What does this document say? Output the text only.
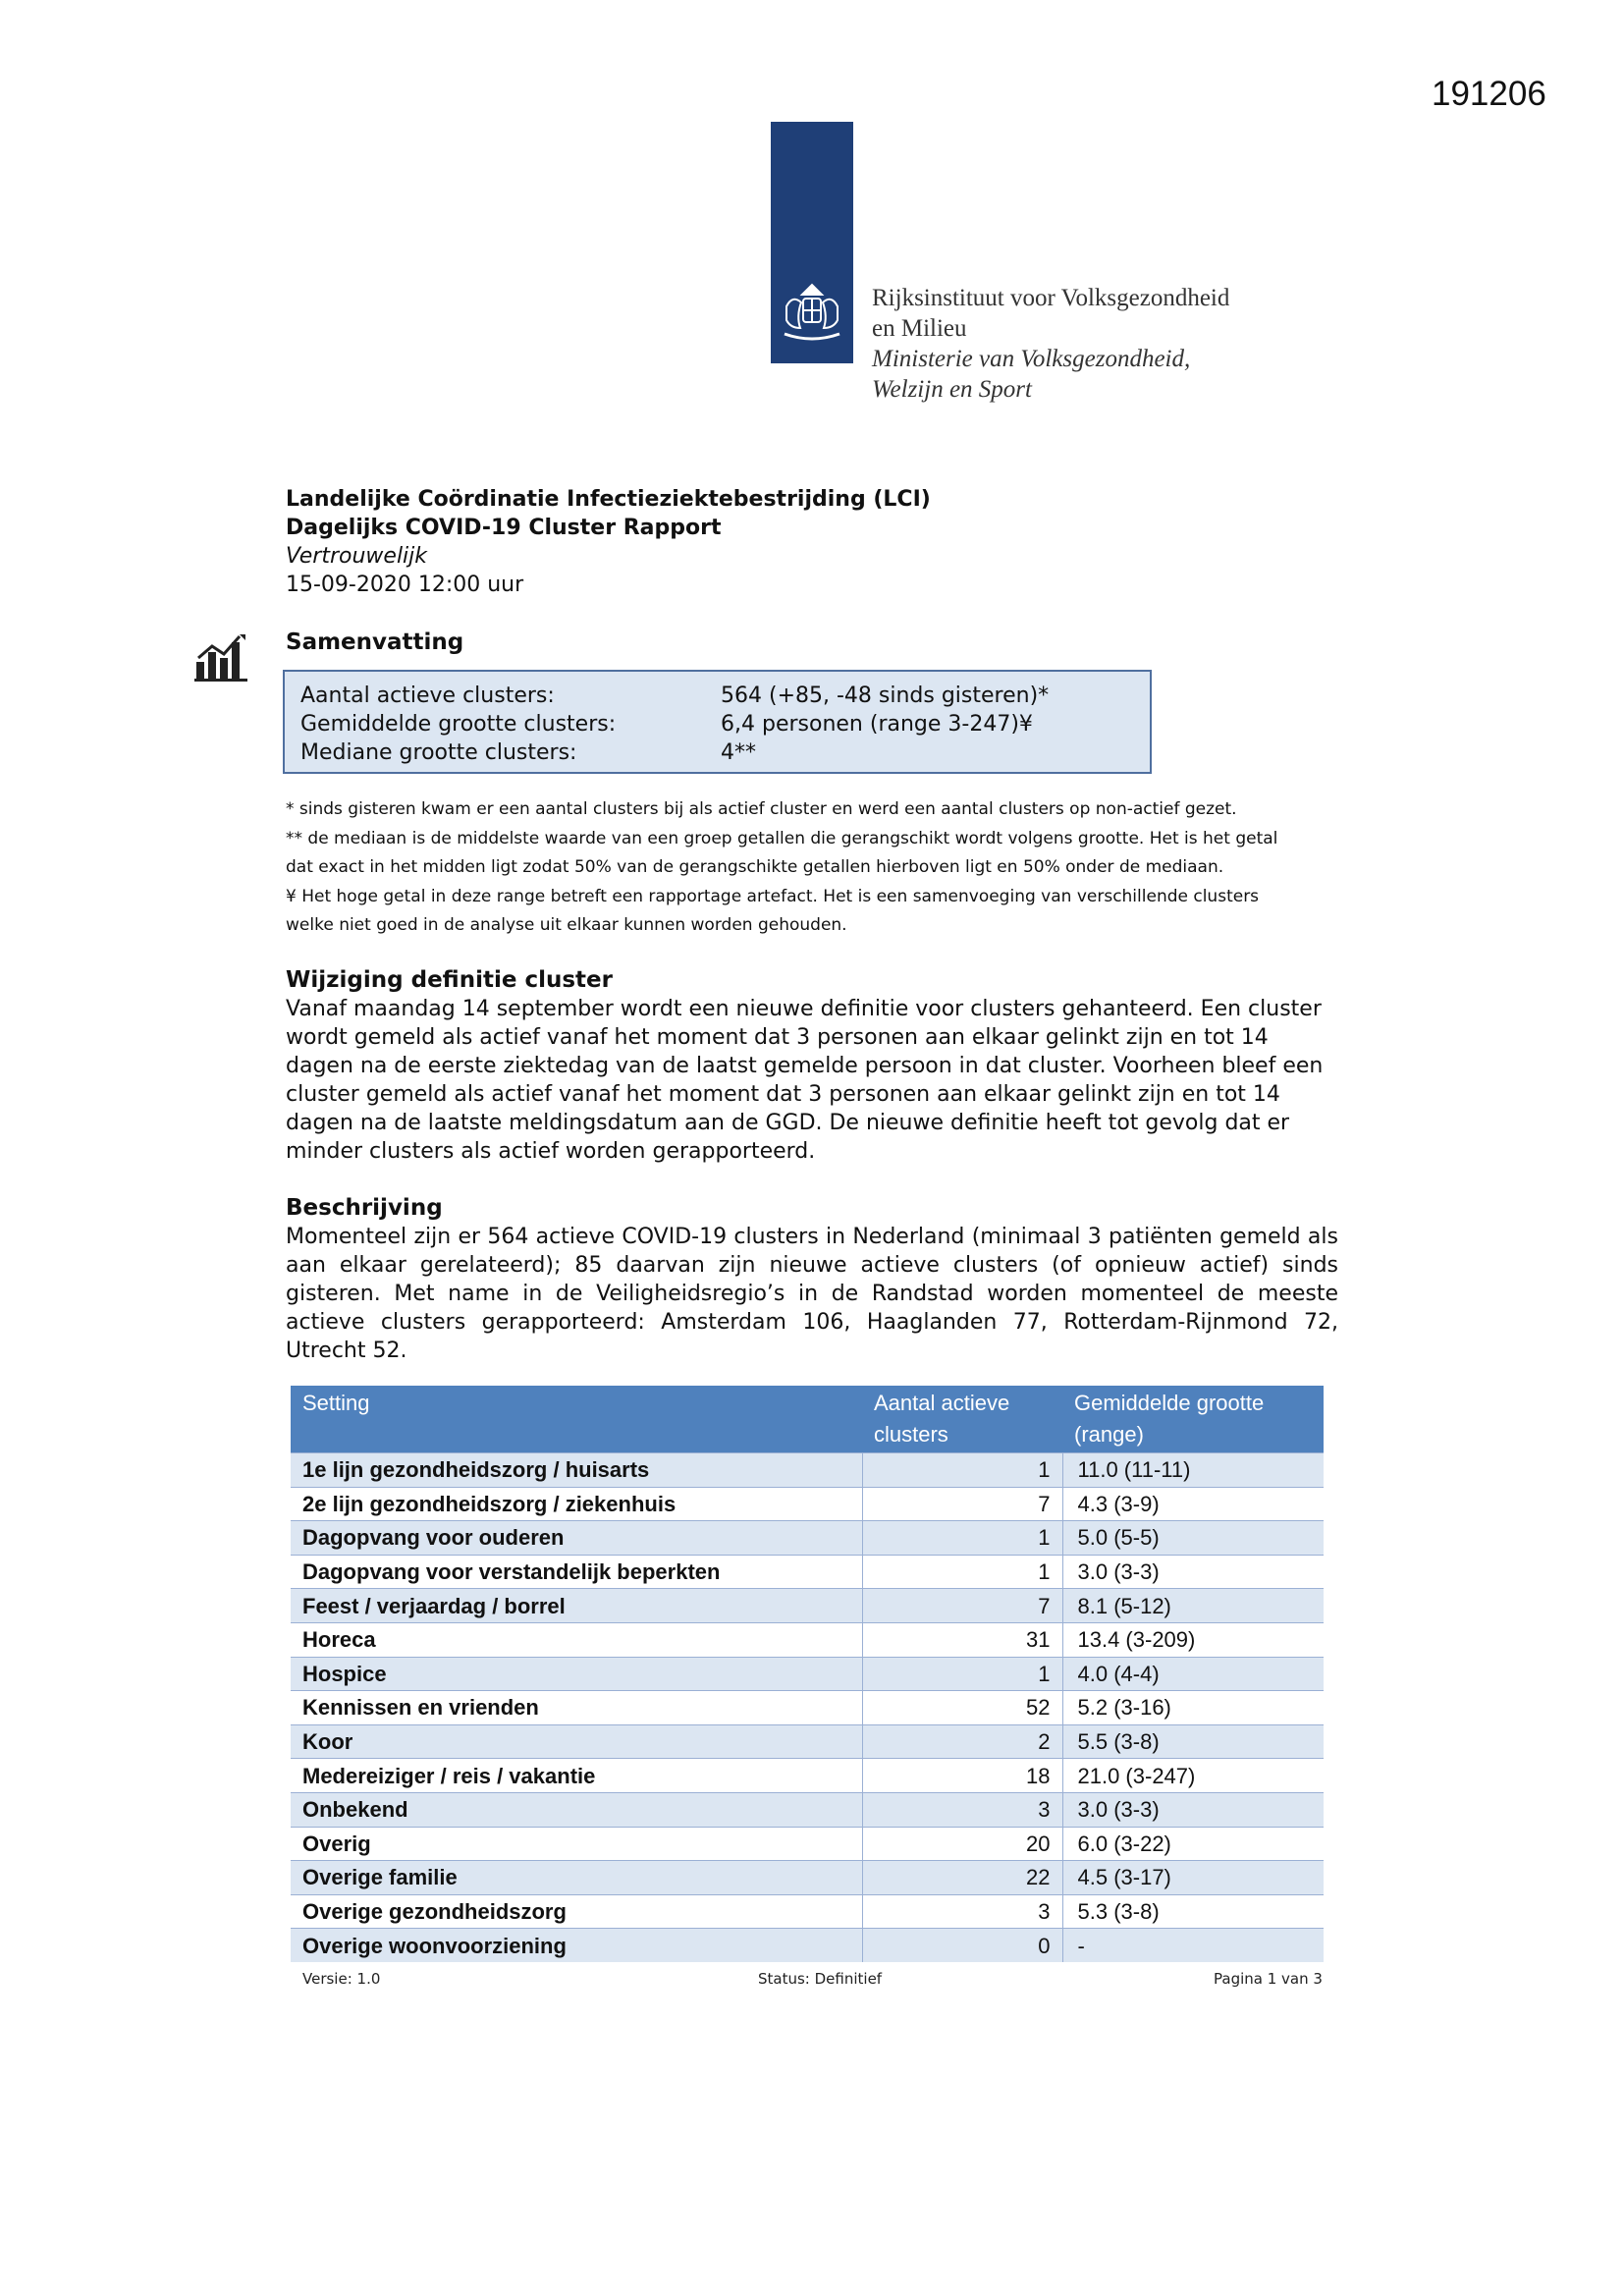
191206
Rijksinstituut voor Volksgezondheid
en Milieu
Ministerie van Volksgezondheid,
Welzijn en Sport
Landelijke Coördinatie Infectieziektebestrijding (LCI)
Dagelijks COVID-19 Cluster Rapport
Vertrouwelijk
15-09-2020 12:00 uur
Samenvatting
Aantal actieve clusters:	564 (+85, -48 sinds gisteren)*
Gemiddelde grootte clusters:	6,4 personen (range 3-247)¥
Mediane grootte clusters:	4**
* sinds gisteren kwam er een aantal clusters bij als actief cluster en werd een aantal clusters op non-actief gezet.
** de mediaan is de middelste waarde van een groep getallen die gerangschikt wordt volgens grootte. Het is het getal
dat exact in het midden ligt zodat 50% van de gerangschikte getallen hierboven ligt en 50% onder de mediaan.
¥ Het hoge getal in deze range betreft een rapportage artefact. Het is een samenvoeging van verschillende clusters
welke niet goed in de analyse uit elkaar kunnen worden gehouden.
Wijziging definitie cluster
Vanaf maandag 14 september wordt een nieuwe definitie voor clusters gehanteerd. Een cluster
wordt gemeld als actief vanaf het moment dat 3 personen aan elkaar gelinkt zijn en tot 14
dagen na de eerste ziektedag van de laatst gemelde persoon in dat cluster. Voorheen bleef een
cluster gemeld als actief vanaf het moment dat 3 personen aan elkaar gelinkt zijn en tot 14
dagen na de laatste meldingsdatum aan de GGD. De nieuwe definitie heeft tot gevolg dat er
minder clusters als actief worden gerapporteerd.
Beschrijving
Momenteel zijn er 564 actieve COVID-19 clusters in Nederland (minimaal 3 patiënten gemeld als aan elkaar gerelateerd); 85 daarvan zijn nieuwe actieve clusters (of opnieuw actief) sinds gisteren. Met name in de Veiligheidsregio’s in de Randstad worden momenteel de meeste actieve clusters gerapporteerd: Amsterdam 106, Haaglanden 77, Rotterdam-Rijnmond 72, Utrecht 52.
Setting	Aantal actieve clusters	Gemiddelde grootte (range)
1e lijn gezondheidszorg / huisarts	1	11.0 (11-11)
2e lijn gezondheidszorg / ziekenhuis	7	4.3 (3-9)
Dagopvang voor ouderen	1	5.0 (5-5)
Dagopvang voor verstandelijk beperkten	1	3.0 (3-3)
Feest / verjaardag / borrel	7	8.1 (5-12)
Horeca	31	13.4 (3-209)
Hospice	1	4.0 (4-4)
Kennissen en vrienden	52	5.2 (3-16)
Koor	2	5.5 (3-8)
Medereiziger / reis / vakantie	18	21.0 (3-247)
Onbekend	3	3.0 (3-3)
Overig	20	6.0 (3-22)
Overige familie	22	4.5 (3-17)
Overige gezondheidszorg	3	5.3 (3-8)
Overige woonvoorziening	0	-
Versie: 1.0	Status: Definitief	Pagina 1 van 3
